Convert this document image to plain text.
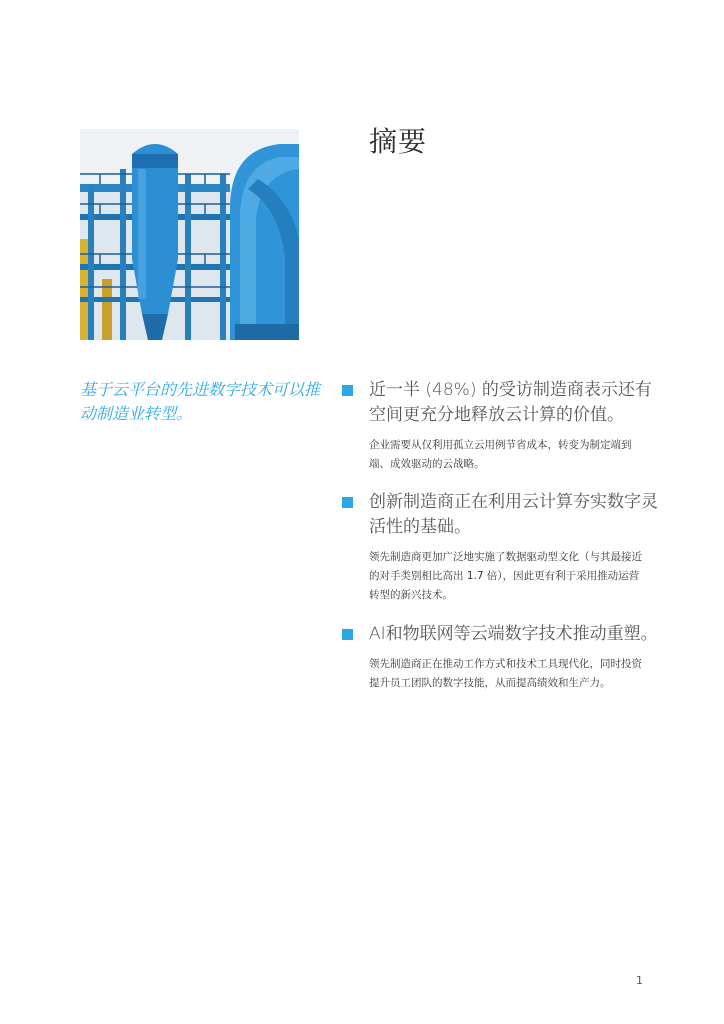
摘要
基于云平台的先进数字技术可以推动制造业转型。
近一半 (48%) 的受访制造商表示还有空间更充分地释放云计算的价值。
企业需要从仅利用孤立云用例节省成本，转变为制定端到端、成效驱动的云战略。
创新制造商正在利用云计算夯实数字灵活性的基础。
领先制造商更加广泛地实施了数据驱动型文化（与其最接近的对手类别相比高出 1.7 倍），因此更有利于采用推动运营转型的新兴技术。
AI和物联网等云端数字技术推动重塑。
领先制造商正在推动工作方式和技术工具现代化，同时投资提升员工团队的数字技能，从而提高绩效和生产力。
1
